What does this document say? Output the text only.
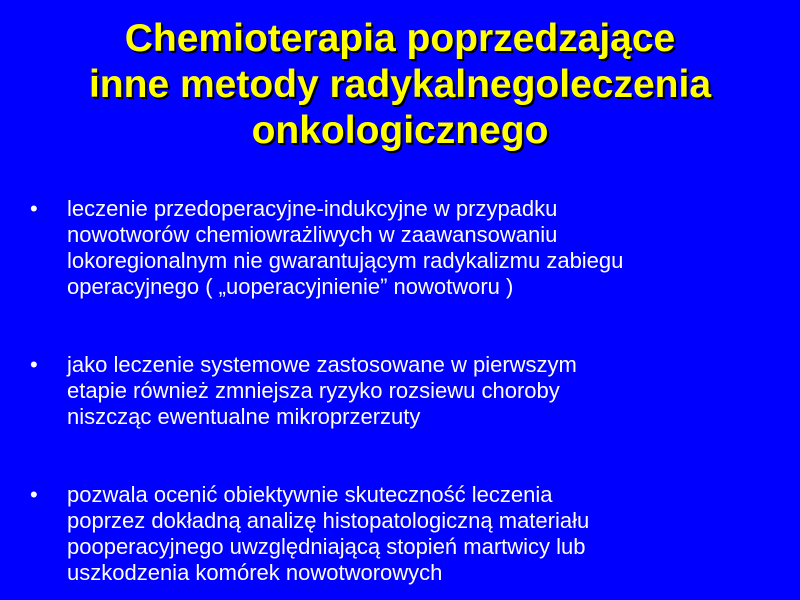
Chemioterapia poprzedzające
inne metody radykalnegoleczenia
onkologicznego
• leczenie przedoperacyjne-indukcyjne w przypadku
nowotworów chemiowrażliwych w zaawansowaniu
lokoregionalnym nie gwarantującym radykalizmu zabiegu
operacyjnego ( „uoperacyjnienie” nowotworu )
• jako leczenie systemowe zastosowane w pierwszym
etapie również zmniejsza ryzyko rozsiewu choroby
niszcząc ewentualne mikroprzerzuty
• pozwala ocenić obiektywnie skuteczność leczenia
poprzez dokładną analizę histopatologiczną materiału
pooperacyjnego uwzględniającą stopień martwicy lub
uszkodzenia komórek nowotworowych
